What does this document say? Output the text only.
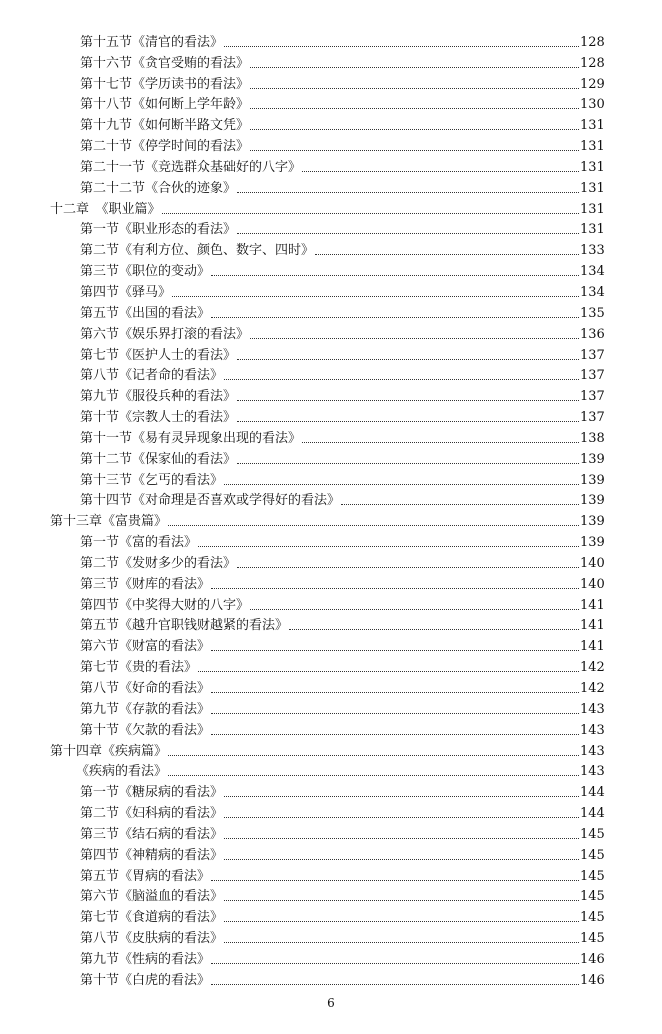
第十五节《清官的看法》	128
第十六节《贪官受贿的看法》	128
第十七节《学历读书的看法》	129
第十八节《如何断上学年龄》	130
第十九节《如何断半路文凭》	131
第二十节《停学时间的看法》	131
第二十一节《竞选群众基础好的八字》	131
第二十二节《合伙的迹象》	131
十二章　《职业篇》	131
第一节《职业形态的看法》	131
第二节《有利方位、颜色、数字、四时》	133
第三节《职位的变动》	134
第四节《驿马》	134
第五节《出国的看法》	135
第六节《娱乐界打滚的看法》	136
第七节《医护人士的看法》	137
第八节《记者命的看法》	137
第九节《服役兵种的看法》	137
第十节《宗教人士的看法》	137
第十一节《易有灵异现象出现的看法》	138
第十二节《保家仙的看法》	139
第十三节《乞丐的看法》	139
第十四节《对命理是否喜欢或学得好的看法》	139
第十三章《富贵篇》	139
第一节《富的看法》	139
第二节《发财多少的看法》	140
第三节《财库的看法》	140
第四节《中奖得大财的八字》	141
第五节《越升官职钱财越紧的看法》	141
第六节《财富的看法》	141
第七节《贵的看法》	142
第八节《好命的看法》	142
第九节《存款的看法》	143
第十节《欠款的看法》	143
第十四章《疾病篇》	143
《疾病的看法》	143
第一节《糖尿病的看法》	144
第二节《妇科病的看法》	144
第三节《结石病的看法》	145
第四节《神精病的看法》	145
第五节《胃病的看法》	145
第六节《脑溢血的看法》	145
第七节《食道病的看法》	145
第八节《皮肤病的看法》	145
第九节《性病的看法》	146
第十节《白虎的看法》	146
6
